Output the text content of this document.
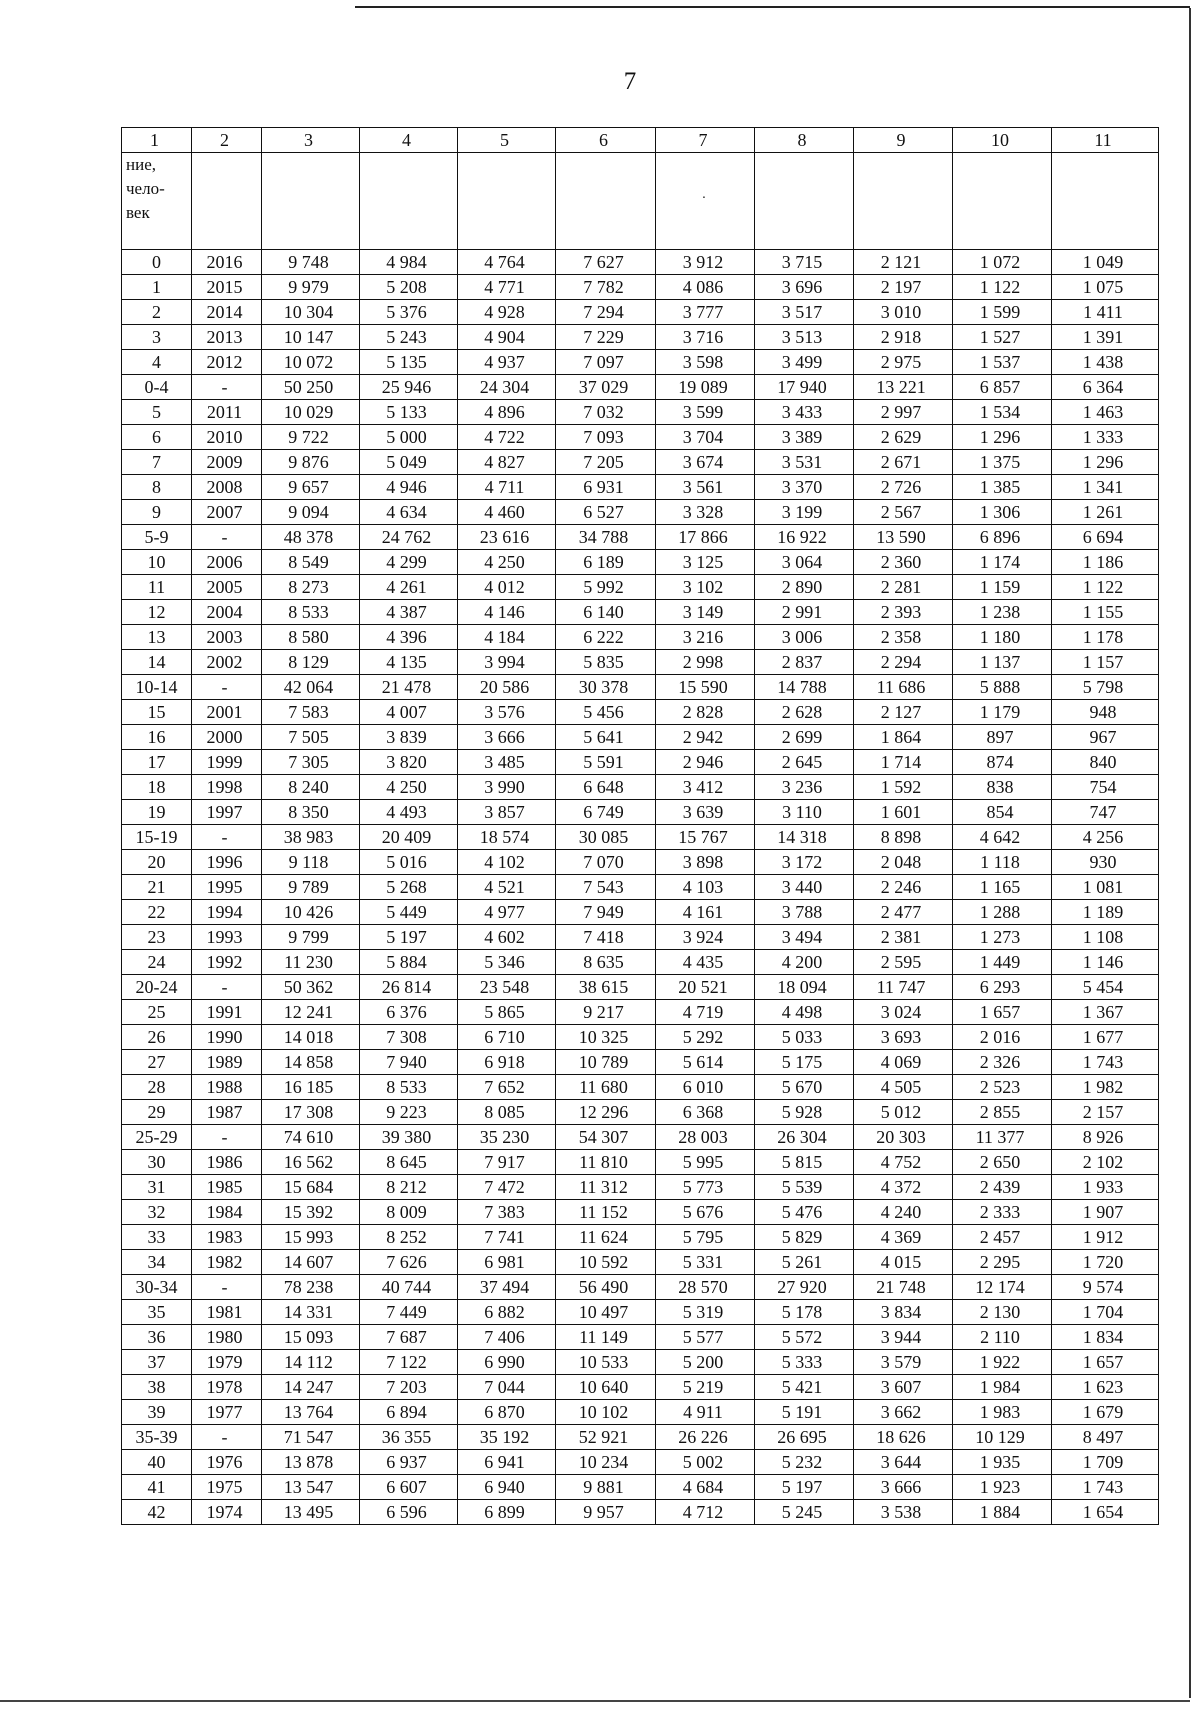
7
1	2	3	4	5	6	7	8	9	10	11

ние,
чело-
век						·				

0	2016	9 748	4 984	4 764	7 627	3 912	3 715	2 121	1 072	1 049
1	2015	9 979	5 208	4 771	7 782	4 086	3 696	2 197	1 122	1 075
2	2014	10 304	5 376	4 928	7 294	3 777	3 517	3 010	1 599	1 411
3	2013	10 147	5 243	4 904	7 229	3 716	3 513	2 918	1 527	1 391
4	2012	10 072	5 135	4 937	7 097	3 598	3 499	2 975	1 537	1 438
0-4	-	50 250	25 946	24 304	37 029	19 089	17 940	13 221	6 857	6 364
5	2011	10 029	5 133	4 896	7 032	3 599	3 433	2 997	1 534	1 463
6	2010	9 722	5 000	4 722	7 093	3 704	3 389	2 629	1 296	1 333
7	2009	9 876	5 049	4 827	7 205	3 674	3 531	2 671	1 375	1 296
8	2008	9 657	4 946	4 711	6 931	3 561	3 370	2 726	1 385	1 341
9	2007	9 094	4 634	4 460	6 527	3 328	3 199	2 567	1 306	1 261
5-9	-	48 378	24 762	23 616	34 788	17 866	16 922	13 590	6 896	6 694
10	2006	8 549	4 299	4 250	6 189	3 125	3 064	2 360	1 174	1 186
11	2005	8 273	4 261	4 012	5 992	3 102	2 890	2 281	1 159	1 122
12	2004	8 533	4 387	4 146	6 140	3 149	2 991	2 393	1 238	1 155
13	2003	8 580	4 396	4 184	6 222	3 216	3 006	2 358	1 180	1 178
14	2002	8 129	4 135	3 994	5 835	2 998	2 837	2 294	1 137	1 157
10-14	-	42 064	21 478	20 586	30 378	15 590	14 788	11 686	5 888	5 798
15	2001	7 583	4 007	3 576	5 456	2 828	2 628	2 127	1 179	948
16	2000	7 505	3 839	3 666	5 641	2 942	2 699	1 864	897	967
17	1999	7 305	3 820	3 485	5 591	2 946	2 645	1 714	874	840
18	1998	8 240	4 250	3 990	6 648	3 412	3 236	1 592	838	754
19	1997	8 350	4 493	3 857	6 749	3 639	3 110	1 601	854	747
15-19	-	38 983	20 409	18 574	30 085	15 767	14 318	8 898	4 642	4 256
20	1996	9 118	5 016	4 102	7 070	3 898	3 172	2 048	1 118	930
21	1995	9 789	5 268	4 521	7 543	4 103	3 440	2 246	1 165	1 081
22	1994	10 426	5 449	4 977	7 949	4 161	3 788	2 477	1 288	1 189
23	1993	9 799	5 197	4 602	7 418	3 924	3 494	2 381	1 273	1 108
24	1992	11 230	5 884	5 346	8 635	4 435	4 200	2 595	1 449	1 146
20-24	-	50 362	26 814	23 548	38 615	20 521	18 094	11 747	6 293	5 454
25	1991	12 241	6 376	5 865	9 217	4 719	4 498	3 024	1 657	1 367
26	1990	14 018	7 308	6 710	10 325	5 292	5 033	3 693	2 016	1 677
27	1989	14 858	7 940	6 918	10 789	5 614	5 175	4 069	2 326	1 743
28	1988	16 185	8 533	7 652	11 680	6 010	5 670	4 505	2 523	1 982
29	1987	17 308	9 223	8 085	12 296	6 368	5 928	5 012	2 855	2 157
25-29	-	74 610	39 380	35 230	54 307	28 003	26 304	20 303	11 377	8 926
30	1986	16 562	8 645	7 917	11 810	5 995	5 815	4 752	2 650	2 102
31	1985	15 684	8 212	7 472	11 312	5 773	5 539	4 372	2 439	1 933
32	1984	15 392	8 009	7 383	11 152	5 676	5 476	4 240	2 333	1 907
33	1983	15 993	8 252	7 741	11 624	5 795	5 829	4 369	2 457	1 912
34	1982	14 607	7 626	6 981	10 592	5 331	5 261	4 015	2 295	1 720
30-34	-	78 238	40 744	37 494	56 490	28 570	27 920	21 748	12 174	9 574
35	1981	14 331	7 449	6 882	10 497	5 319	5 178	3 834	2 130	1 704
36	1980	15 093	7 687	7 406	11 149	5 577	5 572	3 944	2 110	1 834
37	1979	14 112	7 122	6 990	10 533	5 200	5 333	3 579	1 922	1 657
38	1978	14 247	7 203	7 044	10 640	5 219	5 421	3 607	1 984	1 623
39	1977	13 764	6 894	6 870	10 102	4 911	5 191	3 662	1 983	1 679
35-39	-	71 547	36 355	35 192	52 921	26 226	26 695	18 626	10 129	8 497
40	1976	13 878	6 937	6 941	10 234	5 002	5 232	3 644	1 935	1 709
41	1975	13 547	6 607	6 940	9 881	4 684	5 197	3 666	1 923	1 743
42	1974	13 495	6 596	6 899	9 957	4 712	5 245	3 538	1 884	1 654
